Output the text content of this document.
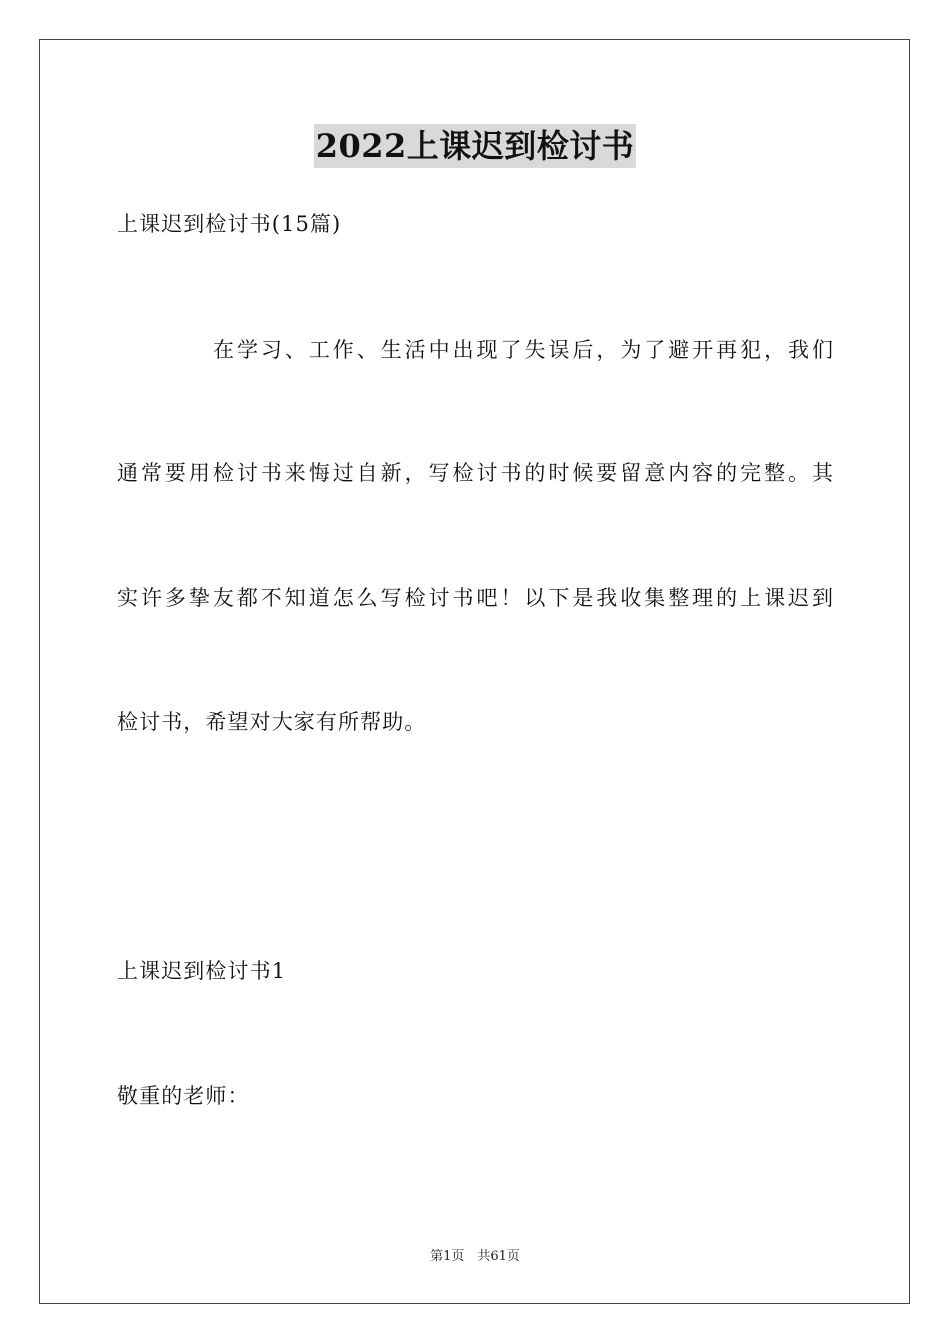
2022上课迟到检讨书
上课迟到检讨书(15篇)
在学习、工作、生活中出现了失误后，为了避开再犯，我们
通常要用检讨书来悔过自新，写检讨书的时候要留意内容的完整。其
实许多挚友都不知道怎么写检讨书吧！以下是我收集整理的上课迟到
检讨书，希望对大家有所帮助。
上课迟到检讨书1
敬重的老师：
第1页　共61页
